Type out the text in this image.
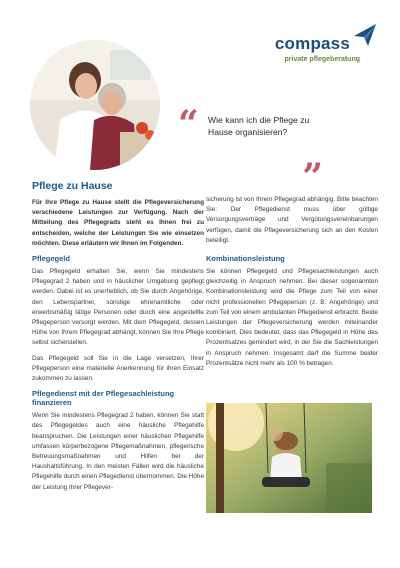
compass
private pflegeberatung
“ Wie kann ich die Pflege zu Hause organisieren?
„
Pflege zu Hause

Für Ihre Pflege zu Hause stellt die Pflegeversicherung verschiedene Leistungen zur Verfügung. Nach der Mitteilung des Pflegegrads steht es Ihnen frei zu entscheiden, welche der Leistungen Sie wie einsetzen möchten. Diese erläutern wir Ihnen im Folgenden.

Pflegegeld

Das Pflegegeld erhalten Sie, wenn Sie mindestens Pflegegrad 2 haben und in häuslicher Umgebung gepflegt werden. Dabei ist es unerheblich, ob Sie durch Angehörige, den Lebenspartner, sonstige ehrenamtliche oder erwerbsmäßig tätige Personen oder durch eine angestellte Pflegeperson versorgt werden. Mit dem Pflegegeld, dessen Höhe von Ihrem Pflegegrad abhängt, können Sie Ihre Pflege selbst sicherstellen.

Das Pflegegeld soll Sie in die Lage versetzen, Ihrer Pflegeperson eine materielle Anerkennung für ihren Einsatz zukommen zu lassen.

Pflegedienst mit der Pflegesachleistung finanzieren

Wenn Sie mindestens Pflegegrad 2 haben, können Sie statt des Pflegegeldes auch eine häusliche Pflegehilfe beanspruchen. Die Leistungen einer häuslichen Pflegehilfe umfassen körperbezogene Pflegemaßnahmen, pflegerische Betreuungsmaßnahmen und Hilfen bei der Haushaltsführung. In den meisten Fällen wird die häusliche Pflegehilfe durch einen Pflegedienst übernommen. Die Höhe der Leistung Ihrer Pflegever-

sicherung ist von Ihrem Pflegegrad abhängig. Bitte beachten Sie: Der Pflegedienst muss über gültige Versorgungsverträge und Vergütungsvereinbarungen verfügen, damit die Pflegeversicherung sich an den Kosten beteiligt.

Kombinationsleistung

Sie können Pflegegeld und Pflegesachleistungen auch gleichzeitig in Anspruch nehmen. Bei dieser sogenannten Kombinationsleistung wird die Pflege zum Teil von einer nicht professionellen Pflegeperson (z. B. Angehörige) und zum Teil von einem ambulanten Pflegedienst erbracht. Beide Leistungen der Pflegeversicherung werden miteinander kombiniert. Dies bedeutet, dass das Pflegegeld in Höhe des Prozentsatzes gemindert wird, in der Sie die Sachleistungen in Anspruch nehmen. Insgesamt darf die Summe beider Prozentsätze nicht mehr als 100 % betragen.
